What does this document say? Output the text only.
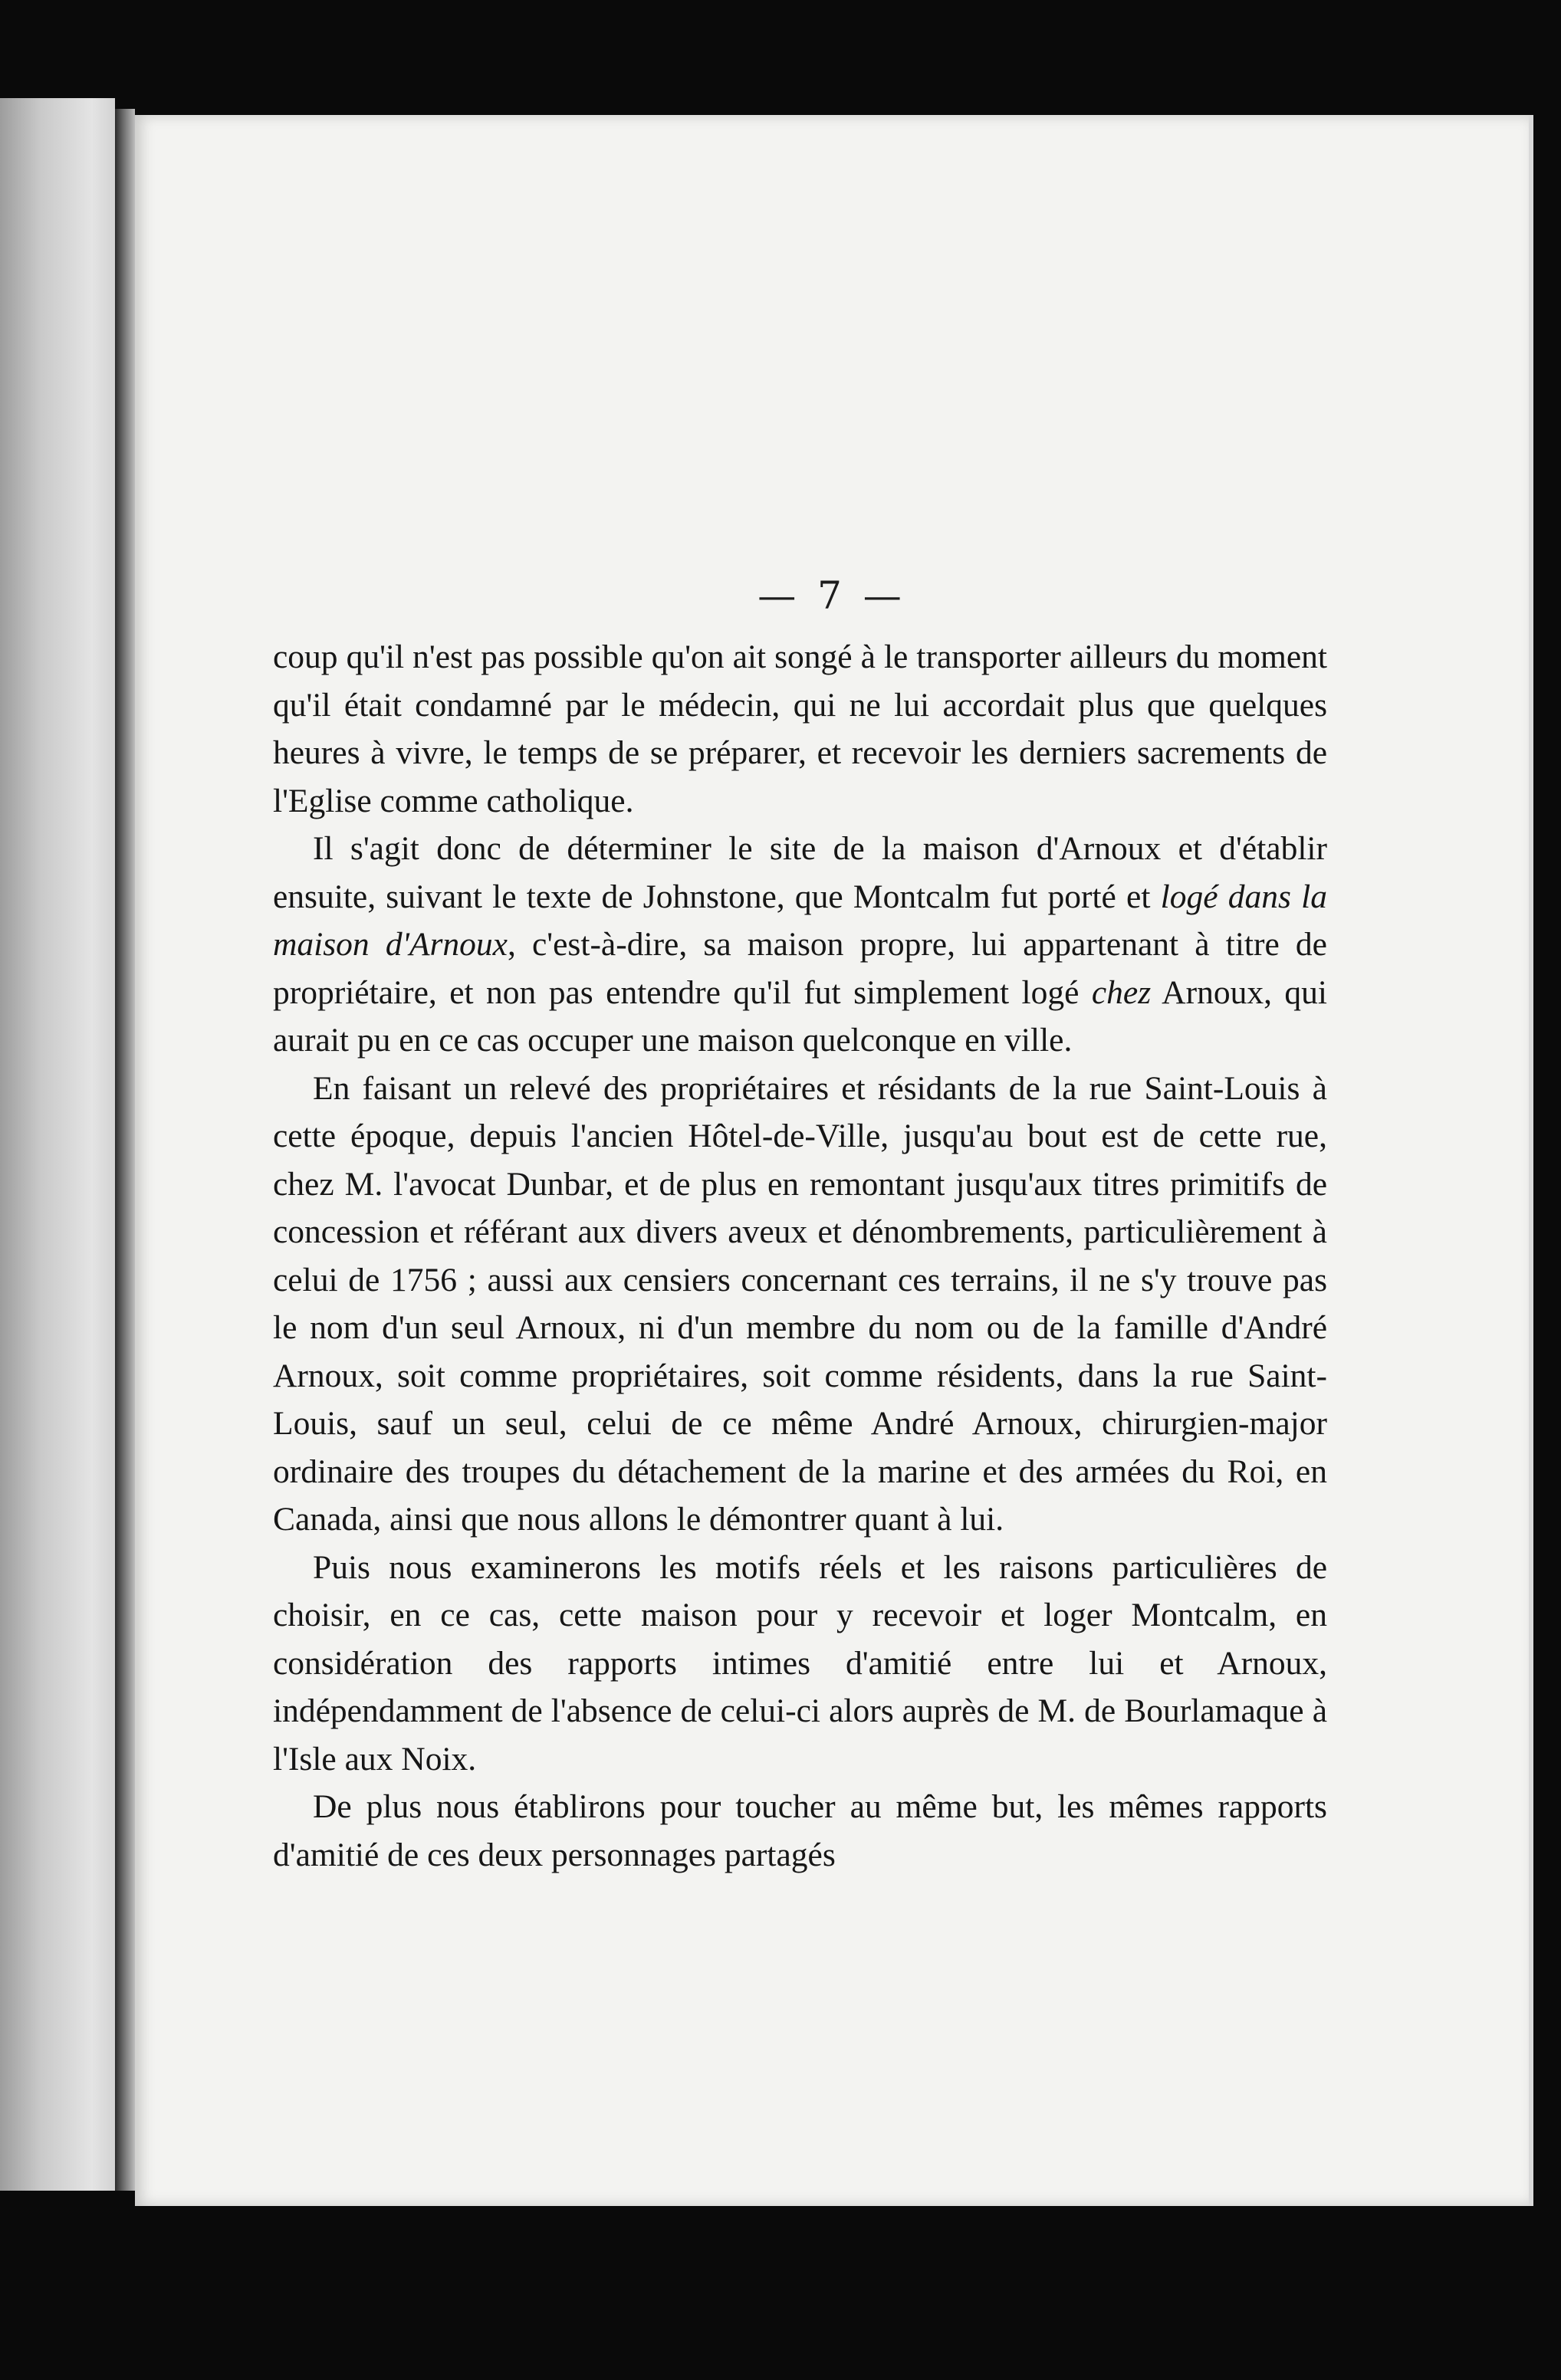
— 7 —

coup qu'il n'est pas possible qu'on ait songé à le transporter ailleurs du moment qu'il était condamné par le médecin, qui ne lui accordait plus que quelques heures à vivre, le temps de se préparer, et recevoir les derniers sacrements de l'Eglise comme catholique.

Il s'agit donc de déterminer le site de la maison d'Arnoux et d'établir ensuite, suivant le texte de Johnstone, que Montcalm fut porté et logé dans la maison d'Arnoux, c'est-à-dire, sa maison propre, lui appartenant à titre de propriétaire, et non pas entendre qu'il fut simplement logé chez Arnoux, qui aurait pu en ce cas occuper une maison quelconque en ville.

En faisant un relevé des propriétaires et résidants de la rue Saint-Louis à cette époque, depuis l'ancien Hôtel-de-Ville, jusqu'au bout est de cette rue, chez M. l'avocat Dunbar, et de plus en remontant jusqu'aux titres primitifs de concession et référant aux divers aveux et dénombrements, particulièrement à celui de 1756 ; aussi aux censiers concernant ces terrains, il ne s'y trouve pas le nom d'un seul Arnoux, ni d'un membre du nom ou de la famille d'André Arnoux, soit comme propriétaires, soit comme résidents, dans la rue Saint-Louis, sauf un seul, celui de ce même André Arnoux, chirurgien-major ordinaire des troupes du détachement de la marine et des armées du Roi, en Canada, ainsi que nous allons le démontrer quant à lui.

Puis nous examinerons les motifs réels et les raisons particulières de choisir, en ce cas, cette maison pour y recevoir et loger Montcalm, en considération des rapports intimes d'amitié entre lui et Arnoux, indépendamment de l'absence de celui-ci alors auprès de M. de Bourlamaque à l'Isle aux Noix.

De plus nous établirons pour toucher au même but, les mêmes rapports d'amitié de ces deux personnages partagés
